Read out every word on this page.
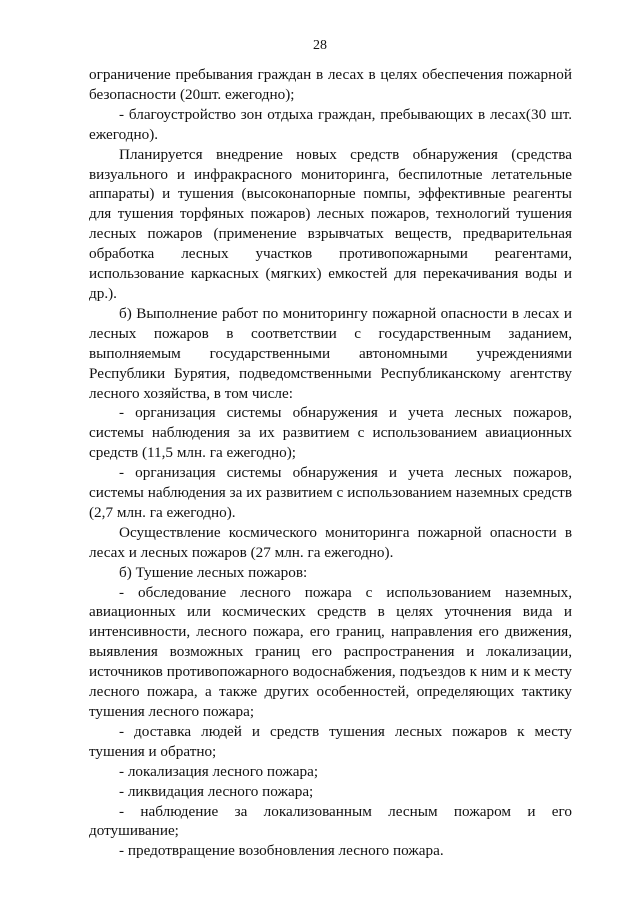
28

ограничение пребывания граждан в лесах в целях обеспечения пожарной безопасности (20шт. ежегодно);

- благоустройство зон отдыха граждан, пребывающих в лесах(30 шт. ежегодно).

Планируется внедрение новых средств обнаружения (средства визуального и инфракрасного мониторинга, беспилотные летательные аппараты) и тушения (высоконапорные помпы, эффективные реагенты для тушения торфяных пожаров) лесных пожаров, технологий тушения лесных пожаров (применение взрывчатых веществ, предварительная обработка лесных участков противопожарными реагентами, использование каркасных (мягких) емкостей для перекачивания воды и др.).

б) Выполнение работ по мониторингу пожарной опасности в лесах и лесных пожаров в соответствии с государственным заданием, выполняемым государственными автономными учреждениями Республики Бурятия, подведомственными Республиканскому агентству лесного хозяйства, в том числе:

- организация системы обнаружения и учета лесных пожаров, системы наблюдения за их развитием с использованием авиационных средств (11,5 млн. га ежегодно);

- организация системы обнаружения и учета лесных пожаров, системы наблюдения за их развитием с использованием наземных средств (2,7 млн. га ежегодно).

Осуществление космического мониторинга пожарной опасности в лесах и лесных пожаров (27 млн. га ежегодно).

б) Тушение лесных пожаров:

- обследование лесного пожара с использованием наземных, авиационных или космических средств в целях уточнения вида и интенсивности, лесного пожара, его границ, направления его движения, выявления возможных границ его распространения и локализации, источников противопожарного водоснабжения, подъездов к ним и к месту лесного пожара, а также других особенностей, определяющих тактику тушения лесного пожара;

- доставка людей и средств тушения лесных пожаров к месту тушения и обратно;

- локализация лесного пожара;

- ликвидация лесного пожара;

- наблюдение за локализованным лесным пожаром и его дотушивание;

- предотвращение возобновления лесного пожара.
